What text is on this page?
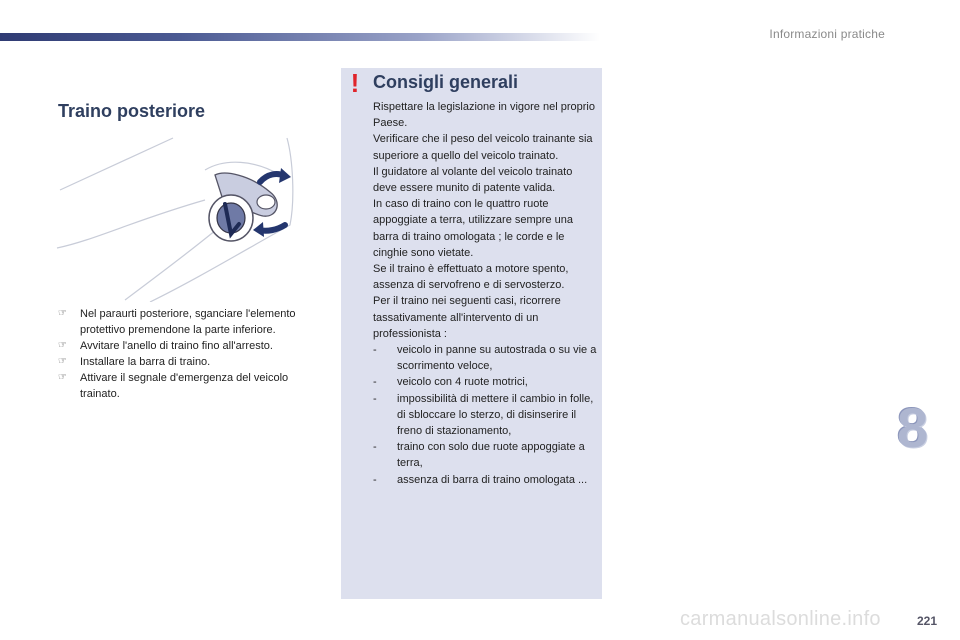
Informazioni pratiche
Traino posteriore
☞	Nel paraurti posteriore, sganciare l'elemento protettivo premendone la parte inferiore.
☞	Avvitare l'anello di traino fino all'arresto.
☞	Installare la barra di traino.
☞	Attivare il segnale d'emergenza del veicolo trainato.
! Consigli generali
Rispettare la legislazione in vigore nel proprio Paese.
Verificare che il peso del veicolo trainante sia superiore a quello del veicolo trainato.
Il guidatore al volante del veicolo trainato deve essere munito di patente valida.
In caso di traino con le quattro ruote appoggiate a terra, utilizzare sempre una barra di traino omologata ; le corde e le cinghie sono vietate.
Se il traino è effettuato a motore spento, assenza di servofreno e di servosterzo.
Per il traino nei seguenti casi, ricorrere tassativamente all'intervento di un professionista :
- veicolo in panne su autostrada o su vie a scorrimento veloce,
- veicolo con 4 ruote motrici,
- impossibilità di mettere il cambio in folle, di sbloccare lo sterzo, di disinserire il freno di stazionamento,
- traino con solo due ruote appoggiate a terra,
- assenza di barra di traino omologata ...
8
221
carmanualsonline.info
